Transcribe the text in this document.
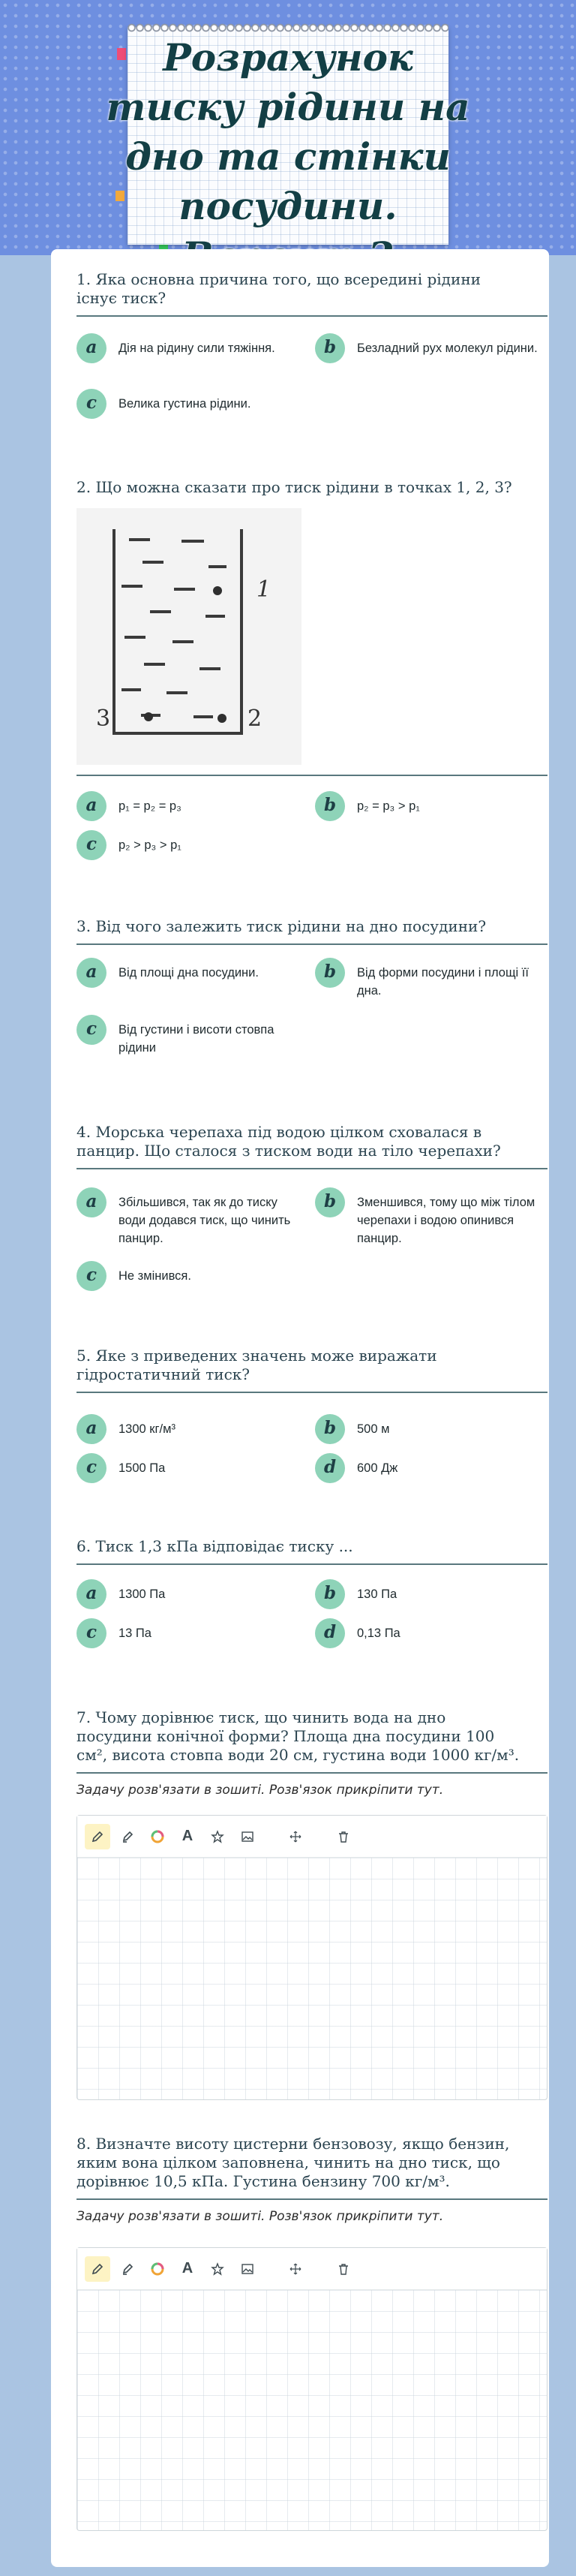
Розрахунок тиску рідини на дно та стінки посудини.
1. Яка основна причина того, що всередині рідини існує тиск?
a	Дія на рідину сили тяжіння.	b	Безладний рух молекул рідини.
c	Велика густина рідини.
2. Що можна сказати про тиск рідини в точках 1, 2, 3?
1
3	2
a	p₁ = p₂ = p₃	b	p₂ = p₃ > p₁
c	p₂ > p₃ > p₁
3. Від чого залежить тиск рідини на дно посудини?
a	Від площі дна посудини.	b	Від форми посудини і площі її дна.
c	Від густини і висоти стовпа рідини
4. Морська черепаха під водою цілком сховалася в панцир. Що сталося з тиском води на тіло черепахи?
a	Збільшився, так як до тиску води додався тиск, що чинить панцир.
b	Зменшився, тому що між тілом черепахи і водою опинився панцир.
c	Не змінився.
5. Яке з приведених значень може виражати гідростатичний тиск?
a	1300 кг/м³	b	500 м
c	1500 Па	d	600 Дж
6. Тиск 1,3 кПа відповідає тиску ...
a	1300 Па	b	130 Па
c	13 Па	d	0,13 Па
7. Чому дорівнює тиск, що чинить вода на дно посудини конічної форми? Площа дна посудини 100 см², висота стовпа води 20 см, густина води 1000 кг/м³.
Задачу розв'язати в зошиті. Розв'язок прикріпити тут.
A
8. Визначте висоту цистерни бензовозу, якщо бензин, яким вона цілком заповнена, чинить на дно тиск, що дорівнює 10,5 кПа. Густина бензину 700 кг/м³.
Задачу розв'язати в зошиті. Розв'язок прикріпити тут.
A
